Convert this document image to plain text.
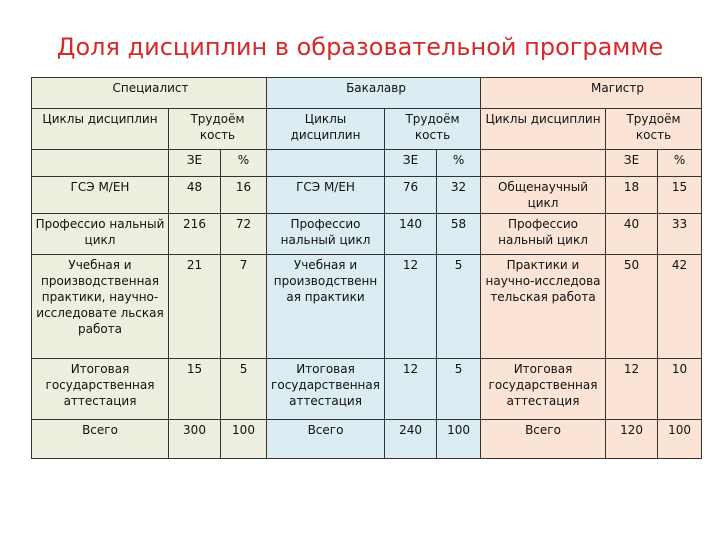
Доля дисциплин в образовательной программе
Специалист			Бакалавр			Магистр		
Циклы дисциплин	Трудоём кость		Циклы дисциплин	Трудоём кость		Циклы дисциплин	Трудоём кость	
	ЗЕ	%		ЗЕ	%		ЗЕ	%
ГСЭ М/ЕН	48	16	ГСЭ М/ЕН	76	32	Общенаучный цикл	18	15
Профессио нальный цикл	216	72	Профессио нальный цикл	140	58	Профессио нальный цикл	40	33
Учебная и производственная практики, научно-исследовате льская работа	21	7	Учебная и производственн ая практики	12	5	Практики и научно-исследова тельская работа	50	42
Итоговая государственная аттестация	15	5	Итоговая государственная аттестация	12	5	Итоговая государственная аттестация	12	10
Всего	300	100	Всего	240	100	Всего	120	100
